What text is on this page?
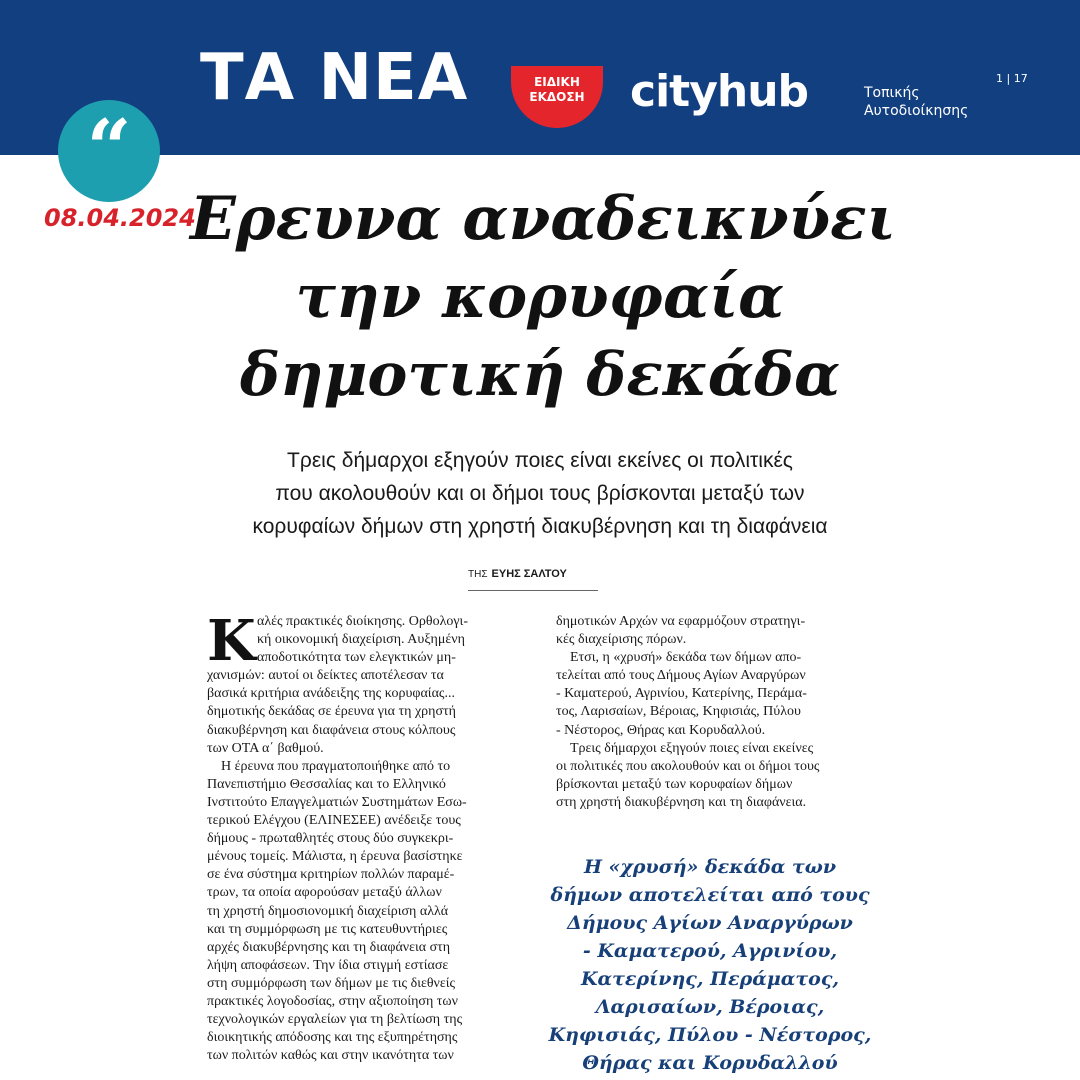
ΤΑ ΝΕΑ	ΕΙΔΙΚΗ
ΕΚΔΟΣΗ	cityhub	Τοπικής
Αυτοδιοίκησης
1 | 17
“
08.04.2024
Ερευνα αναδεικνύει
την κορυφαία
δημοτική δεκάδα
Τρεις δήμαρχοι εξηγούν ποιες είναι εκείνες οι πολιτικές
που ακολουθούν και οι δήμοι τους βρίσκονται μεταξύ των
κορυφαίων δήμων στη χρηστή διακυβέρνηση και τη διαφάνεια
ΤΗΣ ΕΥΗΣ ΣΑΛΤΟΥ
Κ αλές πρακτικές διοίκησης. Ορθολογι-
κή οικονομική διαχείριση. Αυξημένη
αποδοτικότητα των ελεγκτικών μη-
χανισμών: αυτοί οι δείκτες αποτέλεσαν τα
βασικά κριτήρια ανάδειξης της κορυφαίας...
δημοτικής δεκάδας σε έρευνα για τη χρηστή
διακυβέρνηση και διαφάνεια στους κόλπους
των ΟΤΑ α΄ βαθμού.
Η έρευνα που πραγματοποιήθηκε από το
Πανεπιστήμιο Θεσσαλίας και το Ελληνικό
Ινστιτούτο Επαγγελματιών Συστημάτων Εσω-
τερικού Ελέγχου (ΕΛΙΝΕΣΕΕ) ανέδειξε τους
δήμους - πρωταθλητές στους δύο συγκεκρι-
μένους τομείς. Μάλιστα, η έρευνα βασίστηκε
σε ένα σύστημα κριτηρίων πολλών παραμέ-
τρων, τα οποία αφορούσαν μεταξύ άλλων
τη χρηστή δημοσιονομική διαχείριση αλλά
και τη συμμόρφωση με τις κατευθυντήριες
αρχές διακυβέρνησης και τη διαφάνεια στη
λήψη αποφάσεων. Την ίδια στιγμή εστίασε
στη συμμόρφωση των δήμων με τις διεθνείς
πρακτικές λογοδοσίας, στην αξιοποίηση των
τεχνολογικών εργαλείων για τη βελτίωση της
διοικητικής απόδοσης και της εξυπηρέτησης
των πολιτών καθώς και στην ικανότητα των
δημοτικών Αρχών να εφαρμόζουν στρατηγι-
κές διαχείρισης πόρων.
Ετσι, η «χρυσή» δεκάδα των δήμων απο-
τελείται από τους Δήμους Αγίων Αναργύρων
- Καματερού, Αγρινίου, Κατερίνης, Περάμα-
τος, Λαρισαίων, Βέροιας, Κηφισιάς, Πύλου
- Νέστορος, Θήρας και Κορυδαλλού.
Τρεις δήμαρχοι εξηγούν ποιες είναι εκείνες
οι πολιτικές που ακολουθούν και οι δήμοι τους
βρίσκονται μεταξύ των κορυφαίων δήμων
στη χρηστή διακυβέρνηση και τη διαφάνεια.
Η «χρυσή» δεκάδα των
δήμων αποτελείται από τους
Δήμους Αγίων Αναργύρων
- Καματερού, Αγρινίου,
Κατερίνης, Περάματος,
Λαρισαίων, Βέροιας,
Κηφισιάς, Πύλου - Νέστορος,
Θήρας και Κορυδαλλού
